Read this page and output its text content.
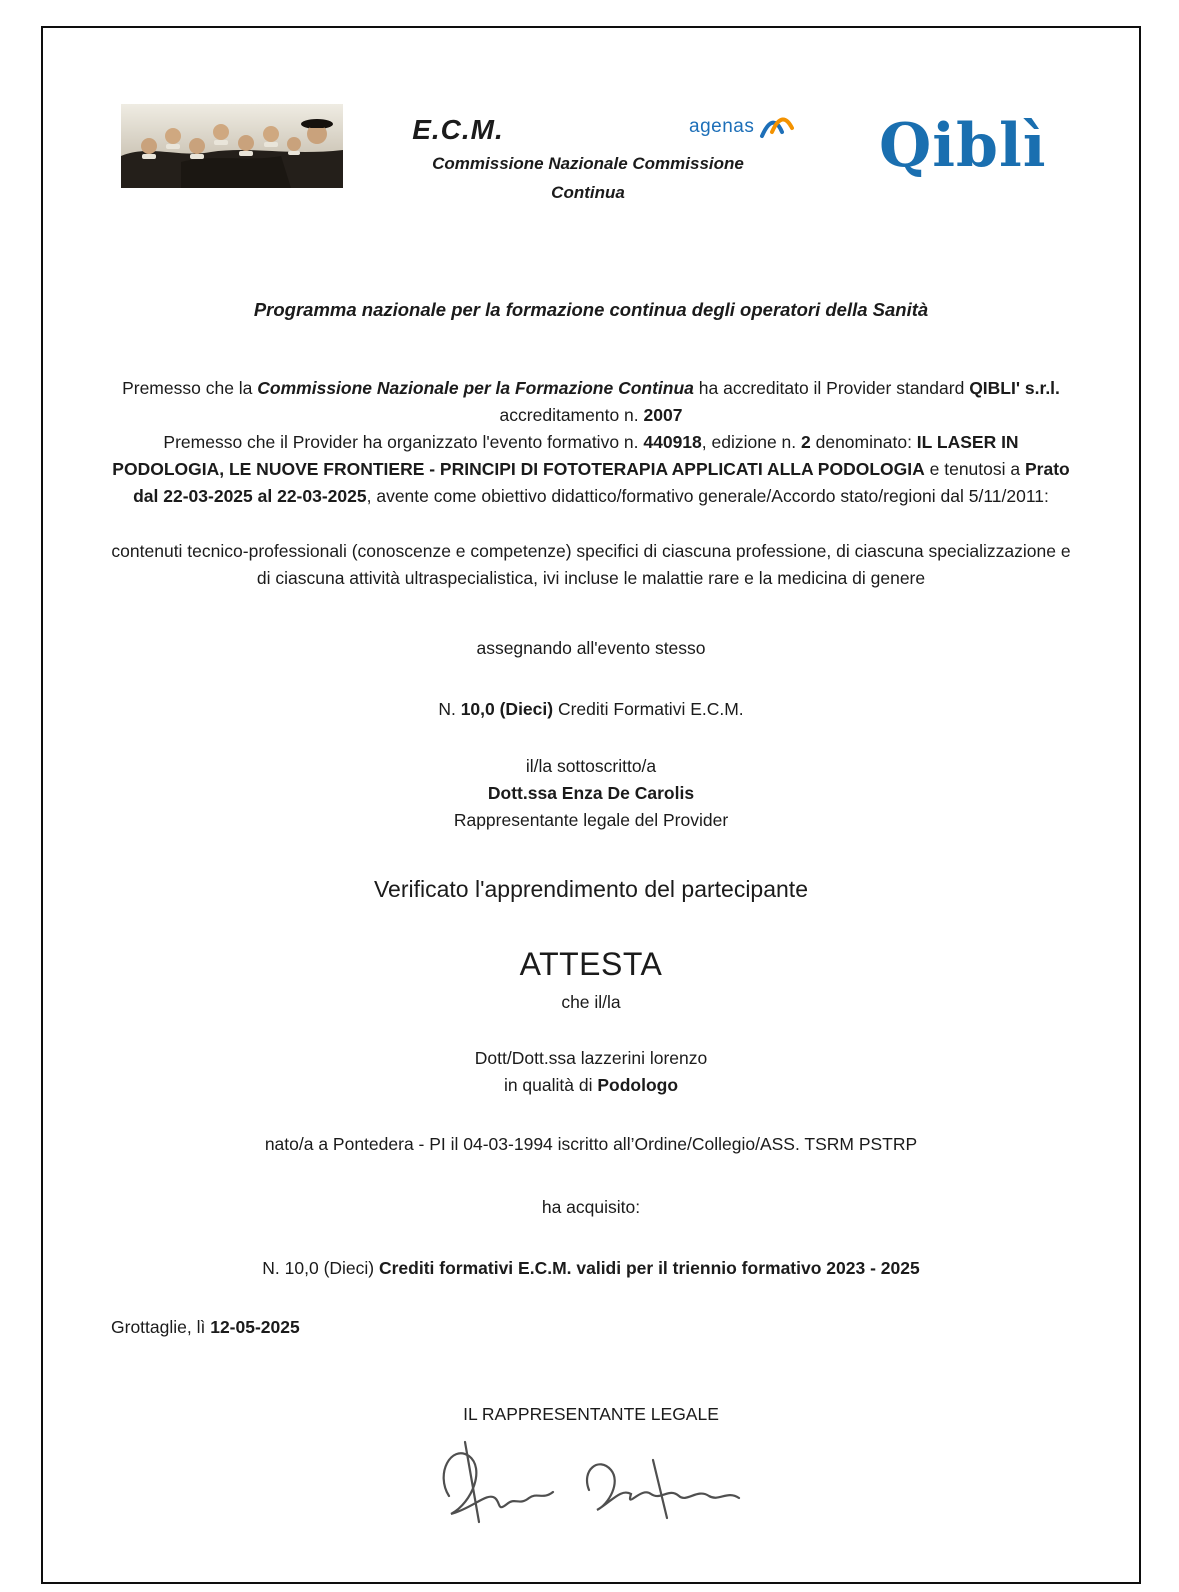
E.C.M.
Commissione Nazionale Commissione
Continua
agenas Qiblì

Programma nazionale per la formazione continua degli operatori della Sanità

Premesso che la Commissione Nazionale per la Formazione Continua ha accreditato il Provider standard QIBLI' s.r.l. accreditamento n. 2007

Premesso che il Provider ha organizzato l'evento formativo n. 440918, edizione n. 2 denominato: IL LASER IN PODOLOGIA, LE NUOVE FRONTIERE - PRINCIPI DI FOTOTERAPIA APPLICATI ALLA PODOLOGIA e tenutosi a Prato dal 22-03-2025 al 22-03-2025, avente come obiettivo didattico/formativo generale/Accordo stato/regioni dal 5/11/2011:

contenuti tecnico-professionali (conoscenze e competenze) specifici di ciascuna professione, di ciascuna specializzazione e di ciascuna attività ultraspecialistica, ivi incluse le malattie rare e la medicina di genere

assegnando all'evento stesso

N. 10,0 (Dieci) Crediti Formativi E.C.M.

il/la sottoscritto/a

Dott.ssa Enza De Carolis

Rappresentante legale del Provider

Verificato l'apprendimento del partecipante

ATTESTA

che il/la

Dott/Dott.ssa lazzerini lorenzo

in qualità di Podologo

nato/a a Pontedera - PI il 04-03-1994 iscritto all’Ordine/Collegio/ASS. TSRM PSTRP

ha acquisito:

N. 10,0 (Dieci) Crediti formativi E.C.M. validi per il triennio formativo 2023 - 2025

Grottaglie, lì 12-05-2025

IL RAPPRESENTANTE LEGALE
